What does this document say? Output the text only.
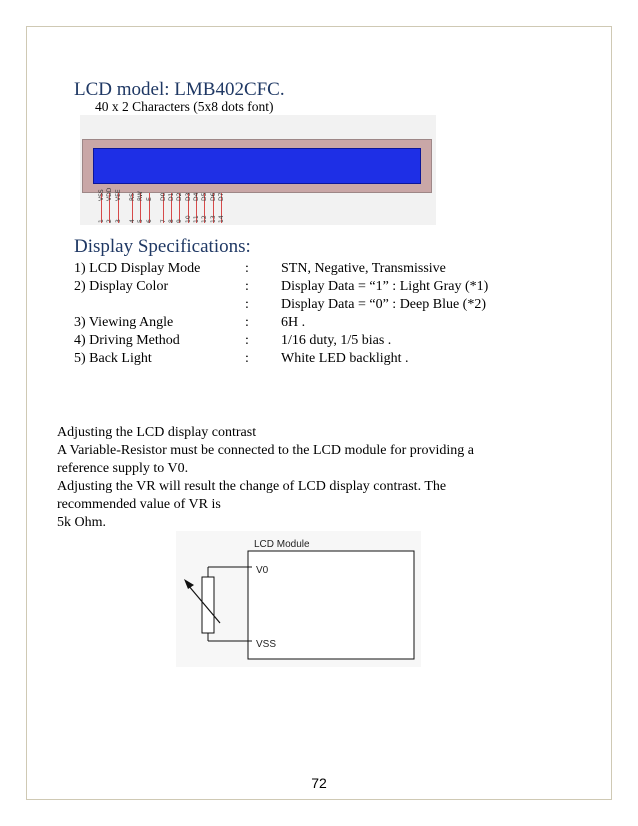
LCD model: LMB402CFC.
40 x 2 Characters (5x8 dots font)
VSS
1
VDD
2
VEE
3
RS
4
RW
5
E
6
D0
7
D1
8
D2
9
D3
10
D4
11
D5
12
D6
13
D7
14
Display Specifications:
1) LCD Display Mode	: STN, Negative, Transmissive
2) Display Color	: Display Data = “1” : Light Gray (*1)
: Display Data = “0” : Deep Blue (*2)
3) Viewing Angle	: 6H .
4) Driving Method	: 1/16 duty, 1/5 bias .
5) Back Light	: White LED backlight .
Adjusting the LCD display contrast
A Variable-Resistor must be connected to the LCD module for providing a
reference supply to V0.
Adjusting the VR will result the change of LCD display contrast. The
recommended value of VR is
5k Ohm.
LCD Module
V0
VSS
72
